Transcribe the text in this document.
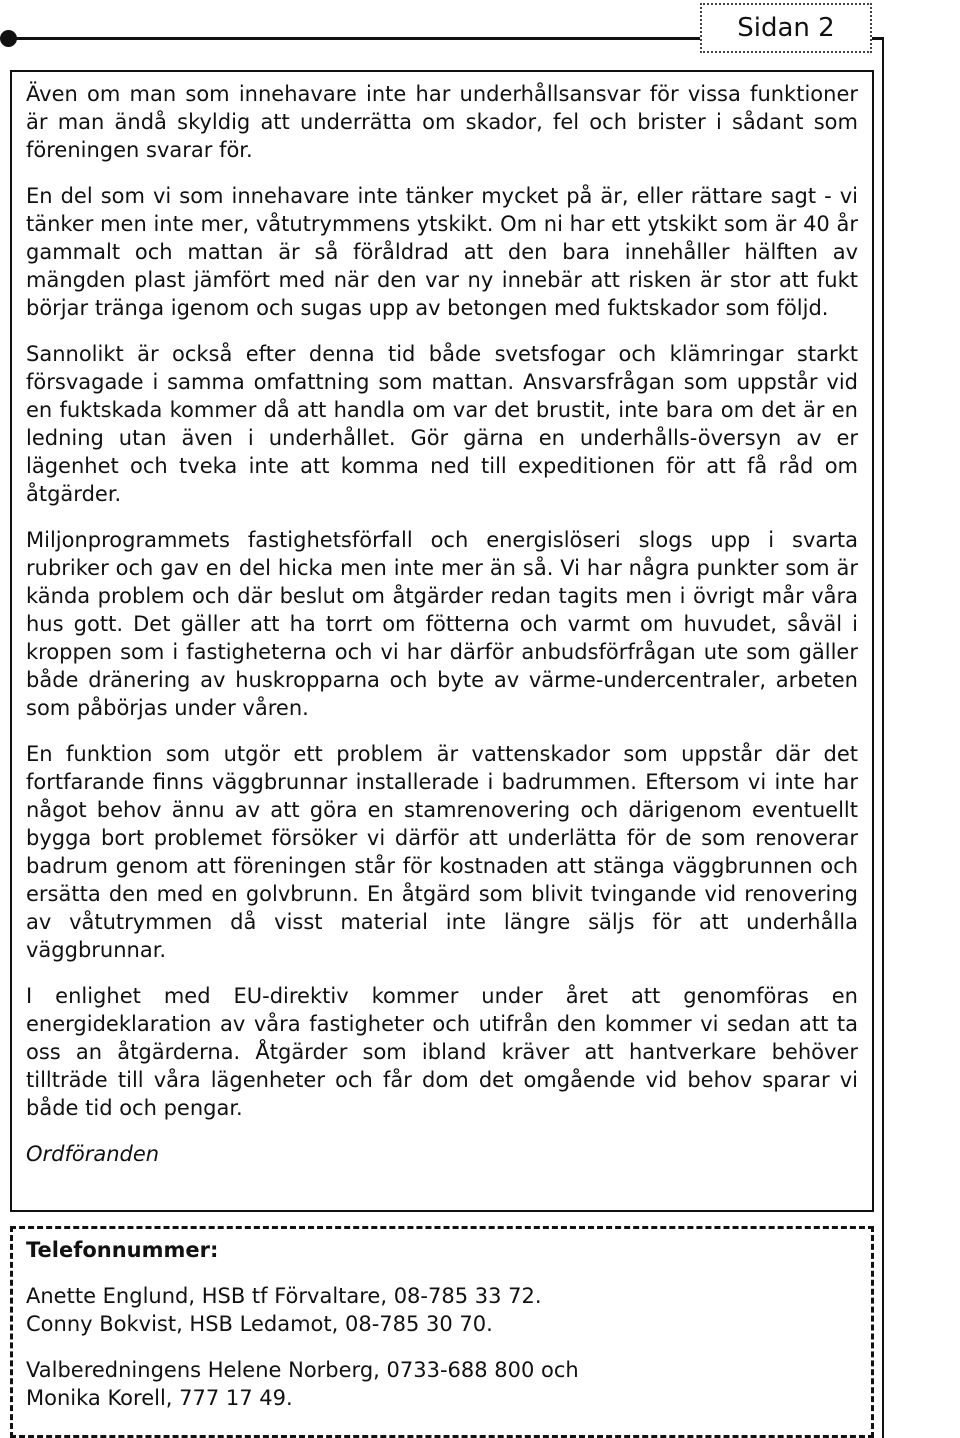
Sidan 2

Även om man som innehavare inte har underhållsansvar för vissa funktioner är man ändå skyldig att underrätta om skador, fel och brister i sådant som föreningen svarar för.

En del som vi som innehavare inte tänker mycket på är, eller rättare sagt - vi tänker men inte mer, våtutrymmens ytskikt. Om ni har ett ytskikt som är 40 år gammalt och mattan är så föråldrad att den bara innehåller hälften av mängden plast jämfört med när den var ny innebär att risken är stor att fukt börjar tränga igenom och sugas upp av betongen med fuktskador som följd.

Sannolikt är också efter denna tid både svetsfogar och klämringar starkt försvagade i samma omfattning som mattan. Ansvarsfrågan som uppstår vid en fuktskada kommer då att handla om var det brustit, inte bara om det är en ledning utan även i underhållet. Gör gärna en underhålls-översyn av er lägenhet och tveka inte att komma ned till expeditionen för att få råd om åtgärder.

Miljonprogrammets fastighetsförfall och energislöseri slogs upp i svarta rubriker och gav en del hicka men inte mer än så. Vi har några punkter som är kända problem och där beslut om åtgärder redan tagits men i övrigt mår våra hus gott. Det gäller att ha torrt om fötterna och varmt om huvudet, såväl i kroppen som i fastigheterna och vi har därför anbudsförfrågan ute som gäller både dränering av huskropparna och byte av värme-undercentraler, arbeten som påbörjas under våren.

En funktion som utgör ett problem är vattenskador som uppstår där det fortfarande finns väggbrunnar installerade i badrummen. Eftersom vi inte har något behov ännu av att göra en stamrenovering och därigenom eventuellt bygga bort problemet försöker vi därför att underlätta för de som renoverar badrum genom att föreningen står för kostnaden att stänga väggbrunnen och ersätta den med en golvbrunn. En åtgärd som blivit tvingande vid renovering av våtutrymmen då visst material inte längre säljs för att underhålla väggbrunnar.

I enlighet med EU-direktiv kommer under året att genomföras en energideklaration av våra fastigheter och utifrån den kommer vi sedan att ta oss an åtgärderna. Åtgärder som ibland kräver att hantverkare behöver tillträde till våra lägenheter och får dom det omgående vid behov sparar vi både tid och pengar.

Ordföranden

Telefonnummer:
Anette Englund, HSB tf Förvaltare, 08-785 33 72.
Conny Bokvist, HSB Ledamot, 08-785 30 70.
Valberedningens Helene Norberg, 0733-688 800 och
Monika Korell, 777 17 49.
